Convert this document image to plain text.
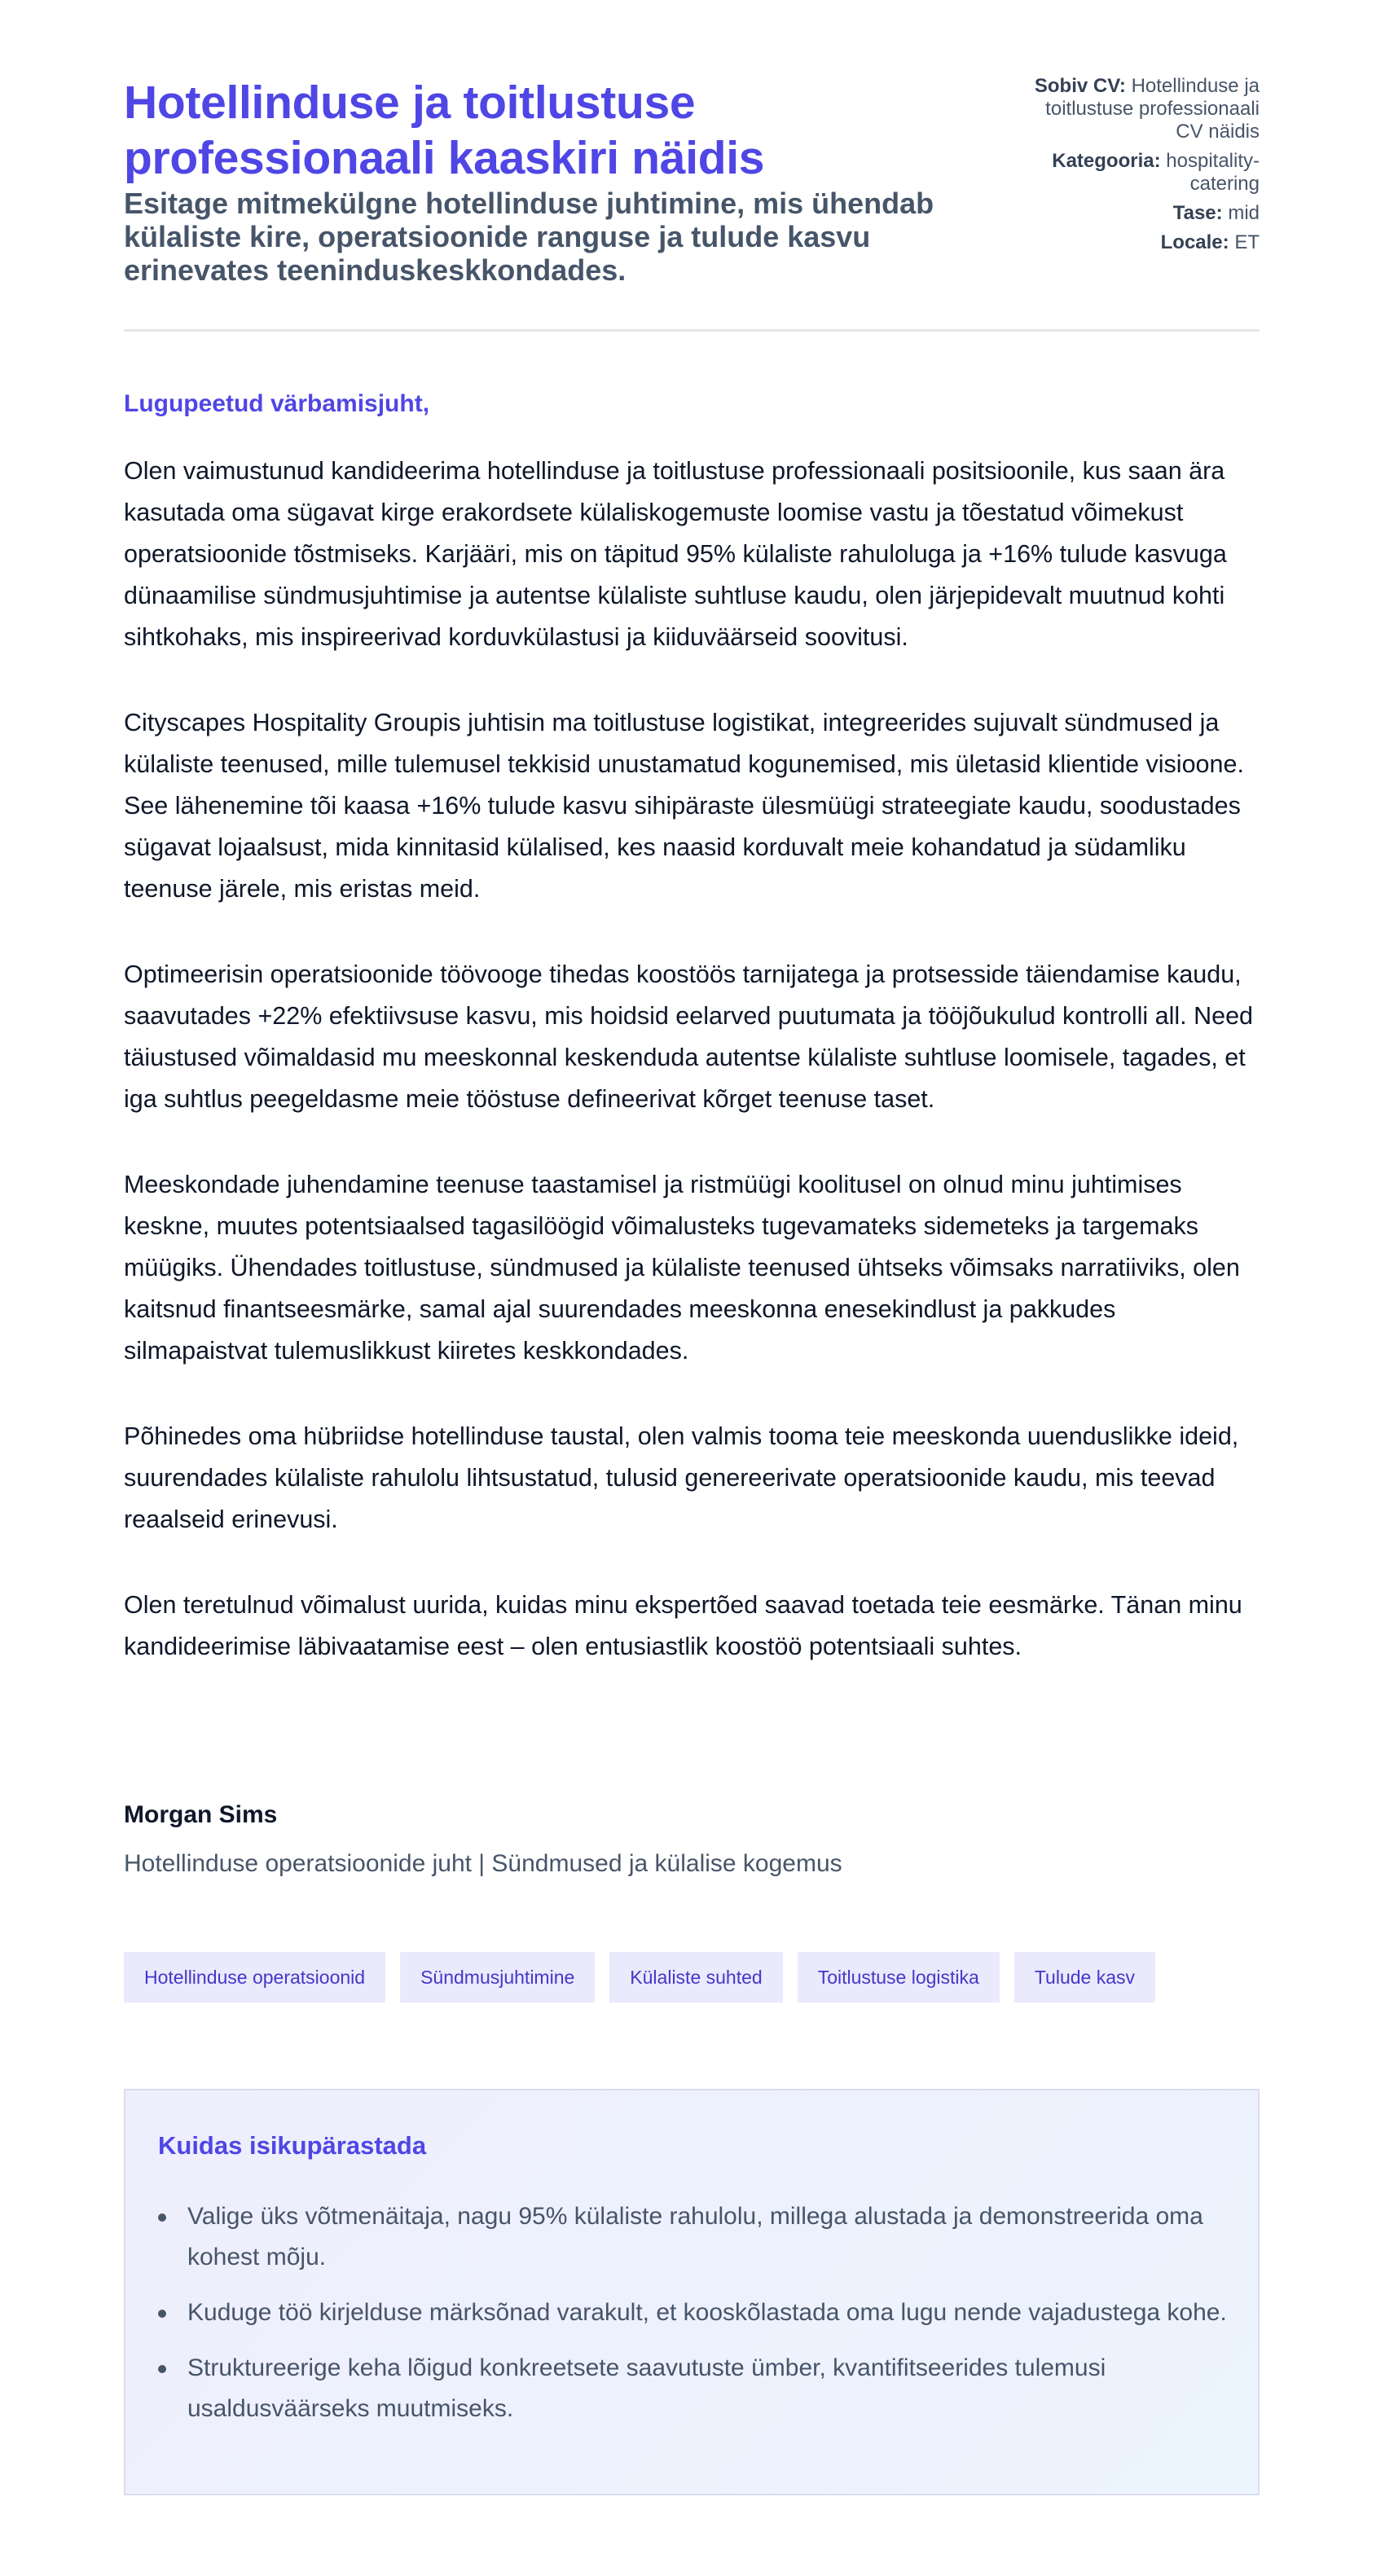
Hotellinduse ja toitlustuse professionaali kaaskiri näidis
Esitage mitmekülgne hotellinduse juhtimine, mis ühendab külaliste kire, operatsioonide ranguse ja tulude kasvu erinevates teeninduskeskkondades.
Sobiv CV: Hotellinduse ja toitlustuse professionaali CV näidis
Kategooria: hospitality-catering
Tase: mid
Locale: ET

Lugupeetud värbamisjuht,

Olen vaimustunud kandideerima hotellinduse ja toitlustuse professionaali positsioonile, kus saan ära kasutada oma sügavat kirge erakordsete külaliskogemuste loomise vastu ja tõestatud võimekust operatsioonide tõstmiseks. Karjääri, mis on täpitud 95% külaliste rahuloluga ja +16% tulude kasvuga dünaamilise sündmusjuhtimise ja autentse külaliste suhtluse kaudu, olen järjepidevalt muutnud kohti sihtkohaks, mis inspireerivad korduvkülastusi ja kiiduväärseid soovitusi.

Cityscapes Hospitality Groupis juhtisin ma toitlustuse logistikat, integreerides sujuvalt sündmused ja külaliste teenused, mille tulemusel tekkisid unustamatud kogunemised, mis ületasid klientide visioone. See lähenemine tõi kaasa +16% tulude kasvu sihipäraste ülesmüügi strateegiate kaudu, soodustades sügavat lojaalsust, mida kinnitasid külalised, kes naasid korduvalt meie kohandatud ja südamliku teenuse järele, mis eristas meid.

Optimeerisin operatsioonide töövooge tihedas koostöös tarnijatega ja protsesside täiendamise kaudu, saavutades +22% efektiivsuse kasvu, mis hoidsid eelarved puutumata ja tööjõukulud kontrolli all. Need täiustused võimaldasid mu meeskonnal keskenduda autentse külaliste suhtluse loomisele, tagades, et iga suhtlus peegeldasme meie tööstuse defineerivat kõrget teenuse taset.

Meeskondade juhendamine teenuse taastamisel ja ristmüügi koolitusel on olnud minu juhtimises keskne, muutes potentsiaalsed tagasilöögid võimalusteks tugevamateks sidemeteks ja targemaks müügiks. Ühendades toitlustuse, sündmused ja külaliste teenused ühtseks võimsaks narratiiviks, olen kaitsnud finantseesmärke, samal ajal suurendades meeskonna enesekindlust ja pakkudes silmapaistvat tulemuslikkust kiiretes keskkondades.

Põhinedes oma hübriidse hotellinduse taustal, olen valmis tooma teie meeskonda uuenduslikke ideid, suurendades külaliste rahulolu lihtsustatud, tulusid genereerivate operatsioonide kaudu, mis teevad reaalseid erinevusi.

Olen teretulnud võimalust uurida, kuidas minu ekspertõed saavad toetada teie eesmärke. Tänan minu kandideerimise läbivaatamise eest – olen entusiastlik koostöö potentsiaali suhtes.

Morgan Sims

Hotellinduse operatsioonide juht | Sündmused ja külalise kogemus
Hotellinduse operatsioonid	Sündmusjuhtimine	Külaliste suhted	Toitlustuse logistika	Tulude kasv
Kuidas isikupärastada
Valige üks võtmenäitaja, nagu 95% külaliste rahulolu, millega alustada ja demonstreerida oma kohest mõju.
Kuduge töö kirjelduse märksõnad varakult, et kooskõlastada oma lugu nende vajadustega kohe.
Struktureerige keha lõigud konkreetsete saavutuste ümber, kvantifitseerides tulemusi usaldusväärseks muutmiseks.
